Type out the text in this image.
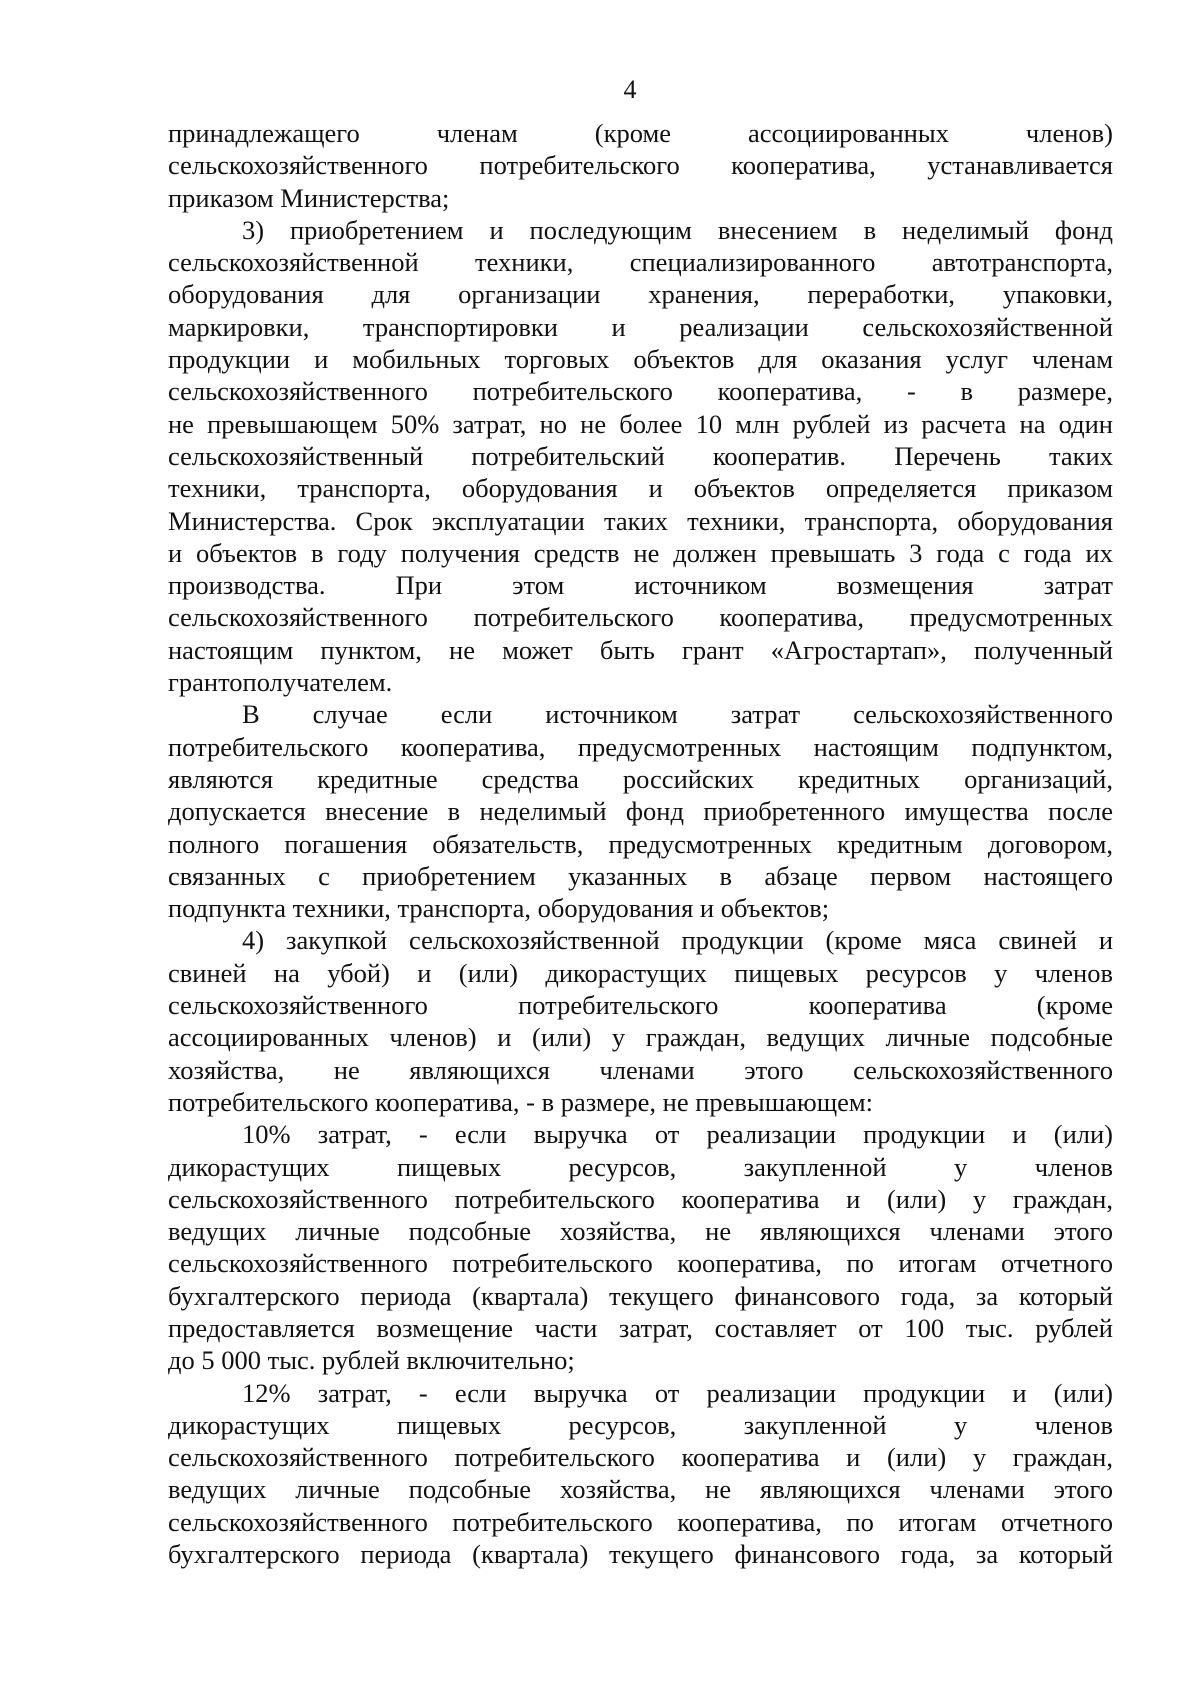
4
принадлежащего членам (кроме ассоциированных членов)
сельскохозяйственного потребительского кооператива, устанавливается
приказом Министерства;
3) приобретением и последующим внесением в неделимый фонд
сельскохозяйственной техники, специализированного автотранспорта,
оборудования для организации хранения, переработки, упаковки,
маркировки, транспортировки и реализации сельскохозяйственной
продукции и мобильных торговых объектов для оказания услуг членам
сельскохозяйственного потребительского кооператива, - в размере,
не превышающем 50% затрат, но не более 10 млн рублей из расчета на один
сельскохозяйственный потребительский кооператив. Перечень таких
техники, транспорта, оборудования и объектов определяется приказом
Министерства. Срок эксплуатации таких техники, транспорта, оборудования
и объектов в году получения средств не должен превышать 3 года с года их
производства. При этом источником возмещения затрат
сельскохозяйственного потребительского кооператива, предусмотренных
настоящим пунктом, не может быть грант «Агростартап», полученный
грантополучателем.
В случае если источником затрат сельскохозяйственного
потребительского кооператива, предусмотренных настоящим подпунктом,
являются кредитные средства российских кредитных организаций,
допускается внесение в неделимый фонд приобретенного имущества после
полного погашения обязательств, предусмотренных кредитным договором,
связанных с приобретением указанных в абзаце первом настоящего
подпункта техники, транспорта, оборудования и объектов;
4) закупкой сельскохозяйственной продукции (кроме мяса свиней и
свиней на убой) и (или) дикорастущих пищевых ресурсов у членов
сельскохозяйственного потребительского кооператива (кроме
ассоциированных членов) и (или) у граждан, ведущих личные подсобные
хозяйства, не являющихся членами этого сельскохозяйственного
потребительского кооператива, - в размере, не превышающем:
10% затрат, - если выручка от реализации продукции и (или)
дикорастущих пищевых ресурсов, закупленной у членов
сельскохозяйственного потребительского кооператива и (или) у граждан,
ведущих личные подсобные хозяйства, не являющихся членами этого
сельскохозяйственного потребительского кооператива, по итогам отчетного
бухгалтерского периода (квартала) текущего финансового года, за который
предоставляется возмещение части затрат, составляет от 100 тыс. рублей
до 5 000 тыс. рублей включительно;
12% затрат, - если выручка от реализации продукции и (или)
дикорастущих пищевых ресурсов, закупленной у членов
сельскохозяйственного потребительского кооператива и (или) у граждан,
ведущих личные подсобные хозяйства, не являющихся членами этого
сельскохозяйственного потребительского кооператива, по итогам отчетного
бухгалтерского периода (квартала) текущего финансового года, за который
